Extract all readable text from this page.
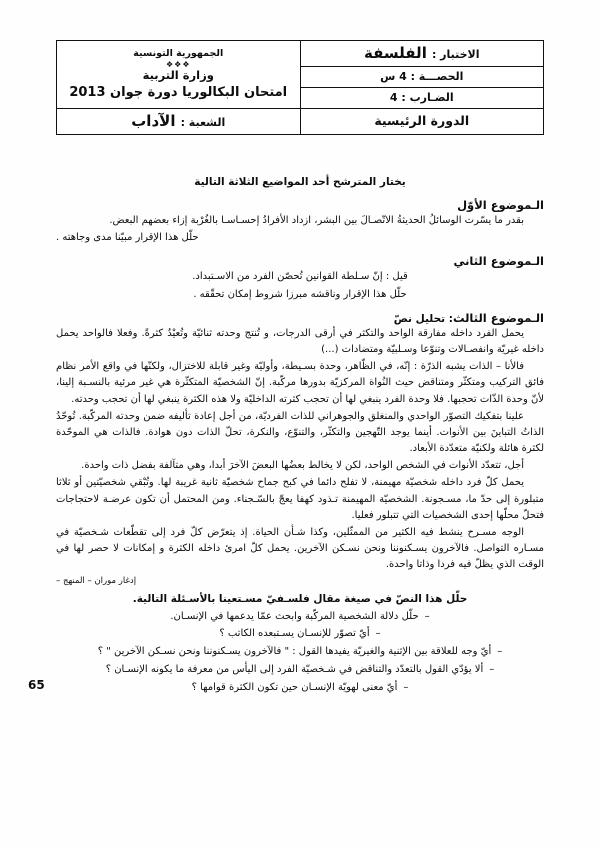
الاختبار : الفلسفة	الجمهورية التونسية
❖❖❖
وزارة التربية
امتحان البكالوريا دورة جوان 2013

الحصـــة : 4 س	

الضـارب : 4	

الدورة الرئيسية	الشعبة : الآداب
يختار المترشح أحد المواضيع الثلاثة التالية
الـموضوع الأوّل
بقدر ما يسّرت الوسائلُ الحديثةُ الاتّصـالَ بين البشر، ازداد الأفرادُ إحسـاسـا بالغُرْبة إزاء بعضهم البعض.
حلّل هذا الإقرار مبيّنا مدى وجاهته .
الـموضوع الثاني
قيل : إنّ سـلطة القوانين تُحصّن الفرد من الاسـتبداد.
حلّل هذا الإقرار وناقشه مبرزا شروط إمكان تحقّقه .
الـموضوع الثالث: تحليل نصّ
يحمل الفرد داخله مفارقة الواحد والتكثر في أرقى الدرجات، و تُنتج وحدته ثنائيّة وتُعيْدُ كثرةً. وفعلا فالواحد يحمل داخله غيريّة وانفصـالات وتنوّعا وسـلبيّة ومتضادات (...)
فالأنا – الذات يشبه الذرّة : إنّه، في الظّاهر، وحدة بسـيطة، وأوليّة وغير قابلة للاختزال، ولكنّها في واقع الأمر نظام فائق التركيب ومتكثّر ومتناقض حيث النُواة المركزيّة بدورها مركّبة. إنّ الشخصيّة المتكثّرة هي غير مرئية بالنسـبة إلينا، لأنّ وحدة الذّات تحجبها. فلا وحدة الفرد ينبغي لها أن تحجب كثرته الداخليّة ولا هذه الكثرة ينبغي لها أن تحجب وحدته.
علينا بتفكيك التصوّر الواحدي والمنغلق والجوهراني للذات الفرديّة، من أجل إعادة تأليفه ضمن وحدته المركّبة. تُوحّدُ الذاتُ التباينَ بين الأنوات. أينما يوجد التّهجين والتكثّر، والتنوّع، والنكرة، تحلّ الذات دون هوادة. فالذات هي الموحّدة لكثرة هائلة ولكنيّة متعدّدة الأبعاد.
أجل، تتعدّد الأنوات في الشخص الواحد، لكن لا يخالط بعضُها البعضَ الآخرَ أبدا، وهي متآلفة بفضل ذات واحدة.
يحمل كلّ فرد داخله شخصيّة مهيمنة، لا تفلح دائما في كبح جماح شخصيّة ثانية غريبة لها. وتُبْقي شخصيّتين أو ثلاثا متبلورة إلى حدّ ما، مسـجونة. الشخصيّة المهيمنة تـذود كهفا يعجّ بالسّـجناء. ومن المحتمل أن تكون عرضـة لاحتجاجات فتحلّ محلّها إحدى الشخصيات التي تتبلور فعليا.
الوجه مسـرح ينشط فيه الكثير من الممثّلين، وكذا شـأن الحياة. إذ يتعرّض كلّ فرد إلى تقطّعات شـخصيّة في مسـاره التواصل. فالآخرون يسـكنوننا ونحن نسـكن الآخرين. يحمل كلّ امرئ داخله الكثرة و إمكانات لا حصر لها في الوقت الذي يظلّ فيه فردا وذاتا واحدة.
إدغار موران – المنهج –
حلّل هذا النصّ في صيغة مقال فلسـفيّ مسـتعينا بالأسـئلة التالية.
–حلّل دلالة الشخصية المركّبة وابحث عمّا يدعمها في الإنسـان.
–أيّ تصوّر للإنسـان يسـتبعده الكاتب ؟
–أيّ وجه للعلاقة بين الإثنية والغيريّة يفيدها القول : " فالآخرون يسـكنوننا ونحن نسـكن الآخرين " ؟
–ألا يؤدّي القول بالتعدّد والتناقض في شـخصيّة الفرد إلى اليأس من معرفة ما يكونه الإنسـان ؟
65	–أيّ معنى لهويّة الإنسـان حين تكون الكثرة قوامها ؟
